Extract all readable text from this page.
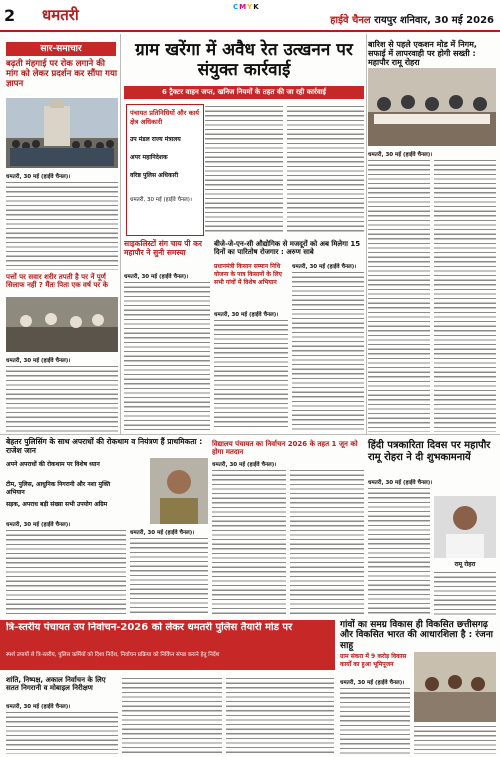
2 धमतरी	CMYK
हाईवे चैनल रायपुर शनिवार, 30 मई 2026
सार-समाचार
बढ़ती मंहगाई पर रोक लगाने की मांग को लेकर प्रदर्शन कर सौंपा गया ज्ञापन
धमतरी, 30 मई (हाईवे चैनल)।
पत्तों पर सवार शरीर तपती है पर नें पूर्ण सिलाफ नहीं ? मैंतः पिता एक वर्ष पर के
धमतरी, 30 मई (हाईवे चैनल)।
ग्राम खरेंगा में अवैध रेत उत्खनन पर संयुक्त कार्रवाई
6 ट्रैक्टर वाहन जप्त, खनिज नियमों के तहत की जा रही कार्रवाई
पंचायत प्रतिनिधियों और कार्य क्षेत्र अधिकारी
उप मंडल राज्य मंत्रालय
अपर महानिदेशक
वरिष्ठ पुलिस अधिकारी
धमतरी, 30 मई (हाईवे चैनल)।
बारिश से पहले एकशन मोड में निगम, सफाई में लापरवाही पर होगी सख्ती : महापौर रामू रोहरा
धमतरी, 30 मई (हाईवे चैनल)।
साइकलिस्टों संग चाय पी कर महापौर ने सुनी समस्या
धमतरी, 30 मई (हाईवे चैनल)।
बीजे-जे-एन-सी औद्योगिक से मजदूरों को अब मिलेगा 15 दिनों का पारितोष रोजगार : अरुण साबे
प्रधानमंत्री किसान सम्मान निधि योजना के पात्र किसानों के लिए सभी गांवों में विशेष अभियान
धमतरी, 30 मई (हाईवे चैनल)।
धमतरी, 30 मई (हाईवे चैनल)।
बेहतर पुलिसिंग के साथ अपराधों की रोकथाम व नियंत्रण हैं प्राथमिकता : राजेश जान
अपने अपराधों की रोकथाम पर विशेष ध्यान
टीम, पुलिस, आधुनिक निगरानी और नशा मुक्ति अभियान
सड़क, अपराध बड़ी संख्या सभी उपयोग अग्रिम
धमतरी, 30 मई (हाईवे चैनल)।
धमतरी, 30 मई (हाईवे चैनल)।
विद्यालय पंचायत का निर्वाचन 2026 के तहत 1 जून को होगा मतदान
धमतरी, 30 मई (हाईवे चैनल)।
हिंदी पत्रकारिता दिवस पर महापौर रामू रोहरा ने दी शुभकामनायें
धमतरी, 30 मई (हाईवे चैनल)।
रामू रोहरा
त्रि-स्तरीय पंचायत उप निर्वाचन-2026 को लेकर धमतरी पुलिस तैयारी मोड पर
स्पर्श उपायों से त्रि-स्तरीय, पुलिस कर्मियों को दिशा निर्देश, निर्वाचन प्रक्रिया को निर्विघ्न संपन्न कराने हेतु निर्देश
शांति, निष्पक्ष, अकाल निर्वाचन के लिए सतत निगरानी व मोबाइल निरीक्षण
धमतरी, 30 मई (हाईवे चैनल)।
गांवों का समग्र विकास ही विकसित छत्तीसगढ़ और विकसित भारत की आधारशिला है : रंजना साहू
ग्राम संकरा में 9 करोड़ विकास कार्यों का हुआ भूमिपूजन
धमतरी, 30 मई (हाईवे चैनल)।
